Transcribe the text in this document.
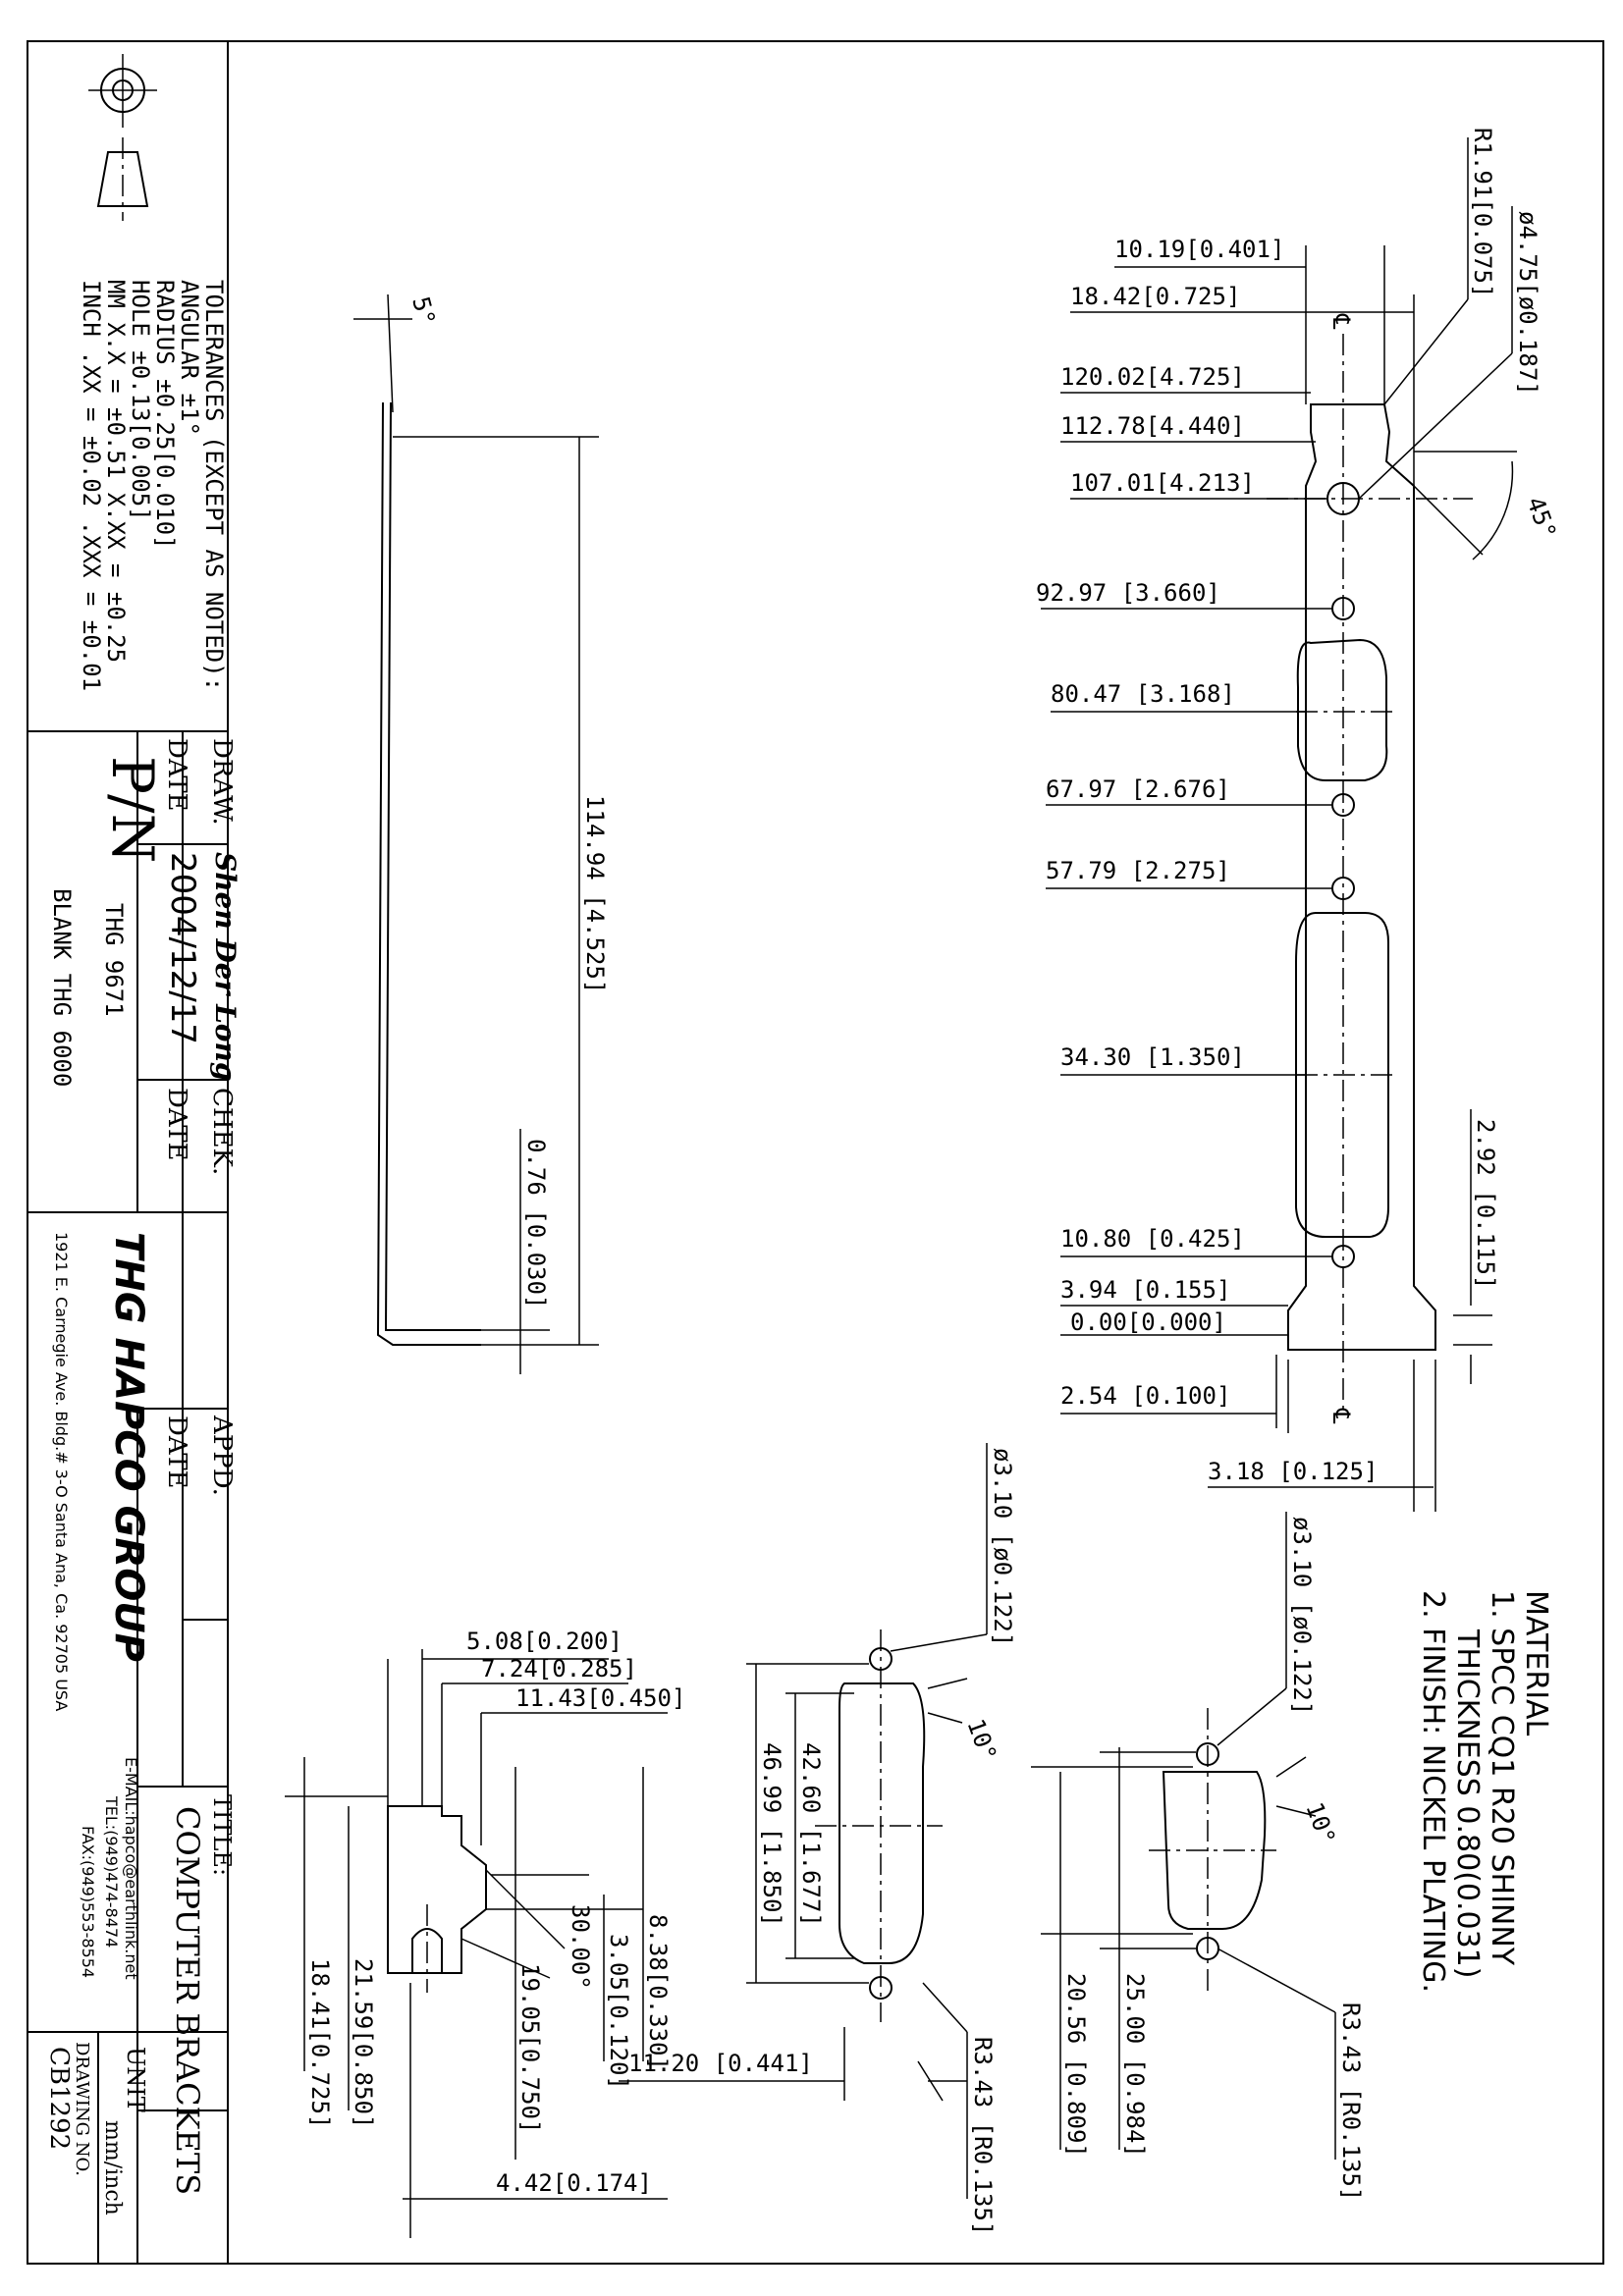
TOLERANCES (EXCEPT AS NOTED):
ANGULAR ±1°
RADIUS ±0.25[0.010]
HOLE ±0.13[0.005]
MM X.X = ±0.51 X.XX = ±0.25
INCH .XX = ±0.02 .XXX = ±0.01
DRAW.
Shen Der Long
DATE
2004/12/17
CHEK.
DATE
P/N
THG 9671
BLANK THG 6000
THG HAPCO GROUP
1921 E. Carnegie Ave. Bldg.# 3-O Santa Ana, Ca. 92705 USA	APPD.
DATE
TITLE:
COMPUTER BRACKETS
E-MAIL:hapco@earthlink.net
TEL:(949)474-8474
FAX:(949)553-8554
UNIT
mm/inch
DRAWING NO.
CB1292
℄
℄
10.19[0.401]
18.42[0.725]
120.02[4.725]
112.78[4.440]
107.01[4.213]
92.97 [3.660]
80.47 [3.168]
67.97 [2.676]
57.79 [2.275]
34.30 [1.350]
10.80 [0.425]
3.94 [0.155]
0.00[0.000]
2.54 [0.100]
3.18 [0.125]
ø4.75[ø0.187]
R1.91[0.075]
45°
2.92 [0.115]
5°
114.94 [4.525]
0.76 [0.030]
MATERIAL
1. SPCC CQ1 R20 SHINNY
THICKNESS 0.80(0.031)
2. FINISH: NICKEL PLATING.
ø3.10 [ø0.122]
10°
20.56 [0.809] 25.00 [0.984]	R3.43 [R0.135]
ø3.10 [ø0.122]
10°
42.60 [1.677]
46.99 [1.850]
R3.43 [R0.135]
11.20 [0.441]
5.08[0.200]
7.24[0.285]
11.43[0.450]
30.00° 8.38[0.330]
3.05[0.120]
19.05[0.750]
21.59[0.850]
18.41[0.725]
4.42[0.174]
